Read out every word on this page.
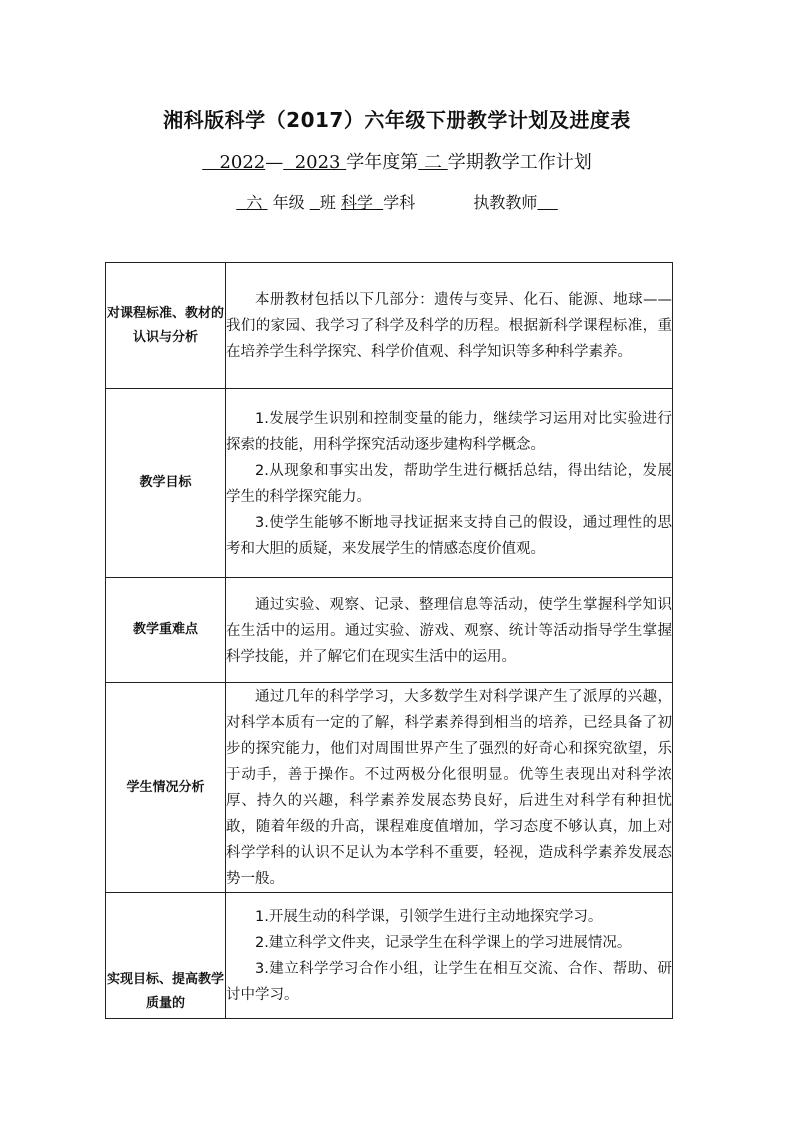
湘科版科学（2017）六年级下册教学计划及进度表
2022— 2023 学年度第 二 学期教学工作计划
六 年级 班 科学 学科	执教教师
对课程标准、教材的认识与分析	本册教材包括以下几部分：遗传与变异、化石、能源、地球——我们的家园、我学习了科学及科学的历程。根据新科学课程标准，重在培养学生科学探究、科学价值观、科学知识等多种科学素养。

教学目标	1.发展学生识别和控制变量的能力，继续学习运用对比实验进行探索的技能，用科学探究活动逐步建构科学概念。

2.从现象和事实出发，帮助学生进行概括总结，得出结论，发展学生的科学探究能力。

3.使学生能够不断地寻找证据来支持自己的假设，通过理性的思考和大胆的质疑，来发展学生的情感态度价值观。

教学重难点	通过实验、观察、记录、整理信息等活动，使学生掌握科学知识在生活中的运用。通过实验、游戏、观察、统计等活动指导学生掌握科学技能，并了解它们在现实生活中的运用。

学生情况分析	通过几年的科学学习，大多数学生对科学课产生了派厚的兴趣，对科学本质有一定的了解，科学素养得到相当的培养，已经具备了初步的探究能力，他们对周围世界产生了强烈的好奇心和探究欲望，乐于动手，善于操作。不过两极分化很明显。优等生表现出对科学浓厚、持久的兴趣，科学素养发展态势良好，后进生对科学有种担忧敢，随着年级的升高，课程难度值增加，学习态度不够认真，加上对科学学科的认识不足认为本学科不重要，轻视，造成科学素养发展态势一般。

实现目标、提高教学质量的	1.开展生动的科学课，引领学生进行主动地探究学习。

2.建立科学文件夹，记录学生在科学课上的学习进展情况。

3.建立科学学习合作小组，让学生在相互交流、合作、帮助、研讨中学习。
